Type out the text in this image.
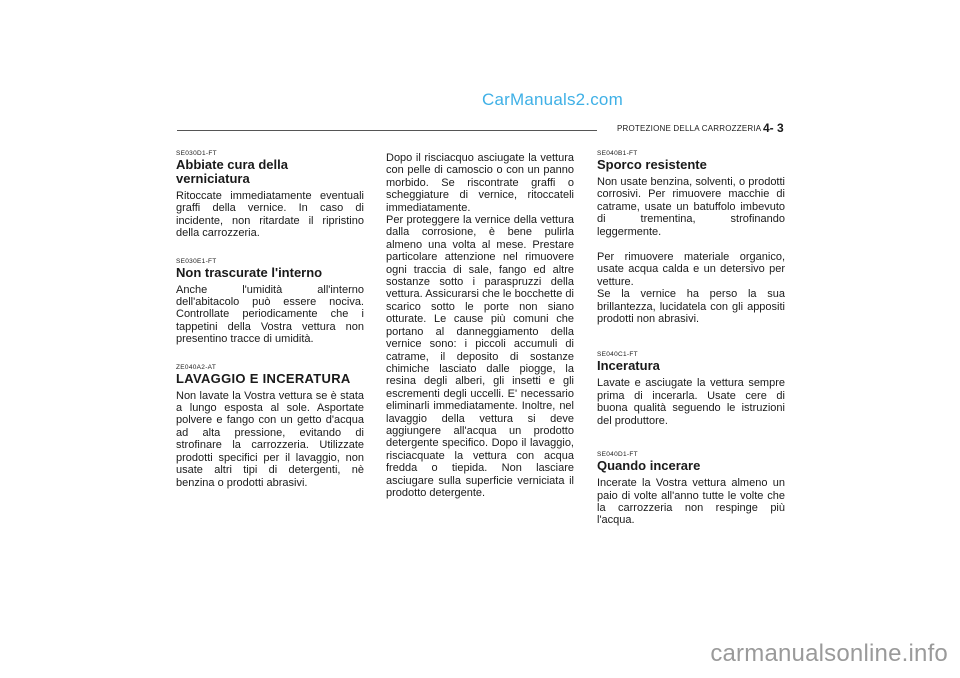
CarManuals2.com
PROTEZIONE DELLA CARROZZERIA 4- 3

SE030D1-FT

Abbiate cura della verniciatura

Ritoccate immediatamente eventuali graffi della vernice. In caso di incidente, non ritardate il ripristino della carrozzeria.

SE030E1-FT

Non trascurate l'interno

Anche l'umidità all'interno dell'abitacolo può essere nociva. Controllate periodicamente che i tappetini della Vostra vettura non presentino tracce di umidità.

ZE040A2-AT

LAVAGGIO E INCERATURA

Non lavate la Vostra vettura se è stata a lungo esposta al sole. Asportate polvere e fango con un getto d'acqua ad alta pressione, evitando di strofinare la carrozzeria. Utilizzate prodotti specifici per il lavaggio, non usate altri tipi di detergenti, nè benzina o prodotti abrasivi.

Dopo il risciacquo asciugate la vettura con pelle di camoscio o con un panno morbido. Se riscontrate graffi o scheggiature di vernice, ritoccateli immediatamente.

Per proteggere la vernice della vettura dalla corrosione, è bene pulirla almeno una volta al mese. Prestare particolare attenzione nel rimuovere ogni traccia di sale, fango ed altre sostanze sotto i paraspruzzi della vettura. Assicurarsi che le bocchette di scarico sotto le porte non siano otturate. Le cause più comuni che portano al danneggiamento della vernice sono: i piccoli accumuli di catrame, il deposito di sostanze chimiche lasciato dalle piogge, la resina degli alberi, gli insetti e gli escrementi degli uccelli. E' necessario eliminarli immediatamente. Inoltre, nel lavaggio della vettura si deve aggiungere all'acqua un prodotto detergente specifico. Dopo il lavaggio, risciacquate la vettura con acqua fredda o tiepida. Non lasciare asciugare sulla superficie verniciata il prodotto detergente.

SE040B1-FT

Sporco resistente

Non usate benzina, solventi, o prodotti corrosivi. Per rimuovere macchie di catrame, usate un batuffolo imbevuto di trementina, strofinando leggermente.

Per rimuovere materiale organico, usate acqua calda e un detersivo per vetture.

Se la vernice ha perso la sua brillantezza, lucidatela con gli appositi prodotti non abrasivi.

SE040C1-FT

Inceratura

Lavate e asciugate la vettura sempre prima di incerarla. Usate cere di buona qualità seguendo le istruzioni del produttore.

SE040D1-FT

Quando incerare

Incerate la Vostra vettura almeno un paio di volte all'anno tutte le volte che la carrozzeria non respinge più l'acqua.

carmanualsonline.info
